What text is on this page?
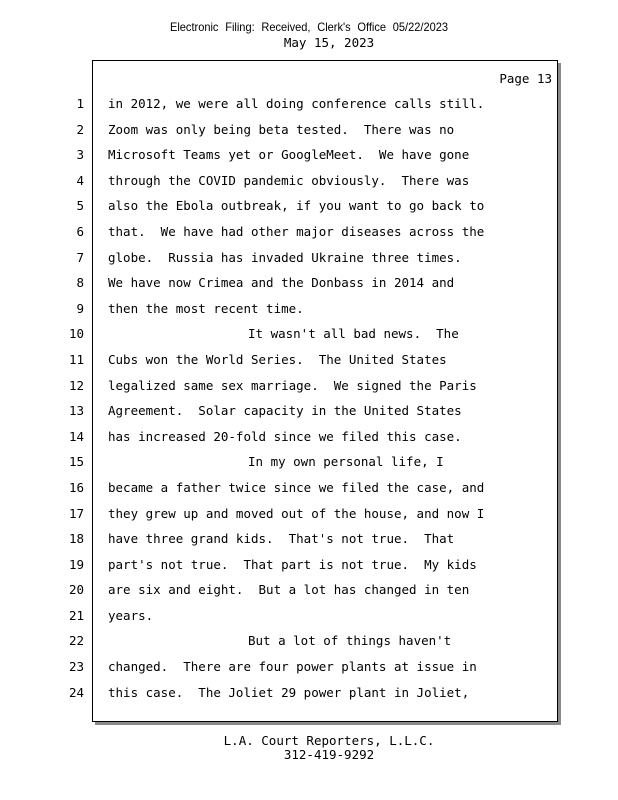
Electronic Filing: Received, Clerk's Office 05/22/2023
May 15, 2023
Page 13
1 in 2012, we were all doing conference calls still.
2 Zoom was only being beta tested.  There was no
3 Microsoft Teams yet or GoogleMeet.  We have gone
4 through the COVID pandemic obviously.  There was
5 also the Ebola outbreak, if you want to go back to
6 that.  We have had other major diseases across the
7 globe.  Russia has invaded Ukraine three times.
8 We have now Crimea and the Donbass in 2014 and
9 then the most recent time.
10	It wasn't all bad news.  The
11 Cubs won the World Series.  The United States
12 legalized same sex marriage.  We signed the Paris
13 Agreement.  Solar capacity in the United States
14 has increased 20-fold since we filed this case.
15	In my own personal life, I
16 became a father twice since we filed the case, and
17 they grew up and moved out of the house, and now I
18 have three grand kids.  That's not true.  That
19 part's not true.  That part is not true.  My kids
20 are six and eight.  But a lot has changed in ten
21 years.
22	But a lot of things haven't
23 changed.  There are four power plants at issue in
24 this case.  The Joliet 29 power plant in Joliet,
L.A. Court Reporters, L.L.C.
312-419-9292
